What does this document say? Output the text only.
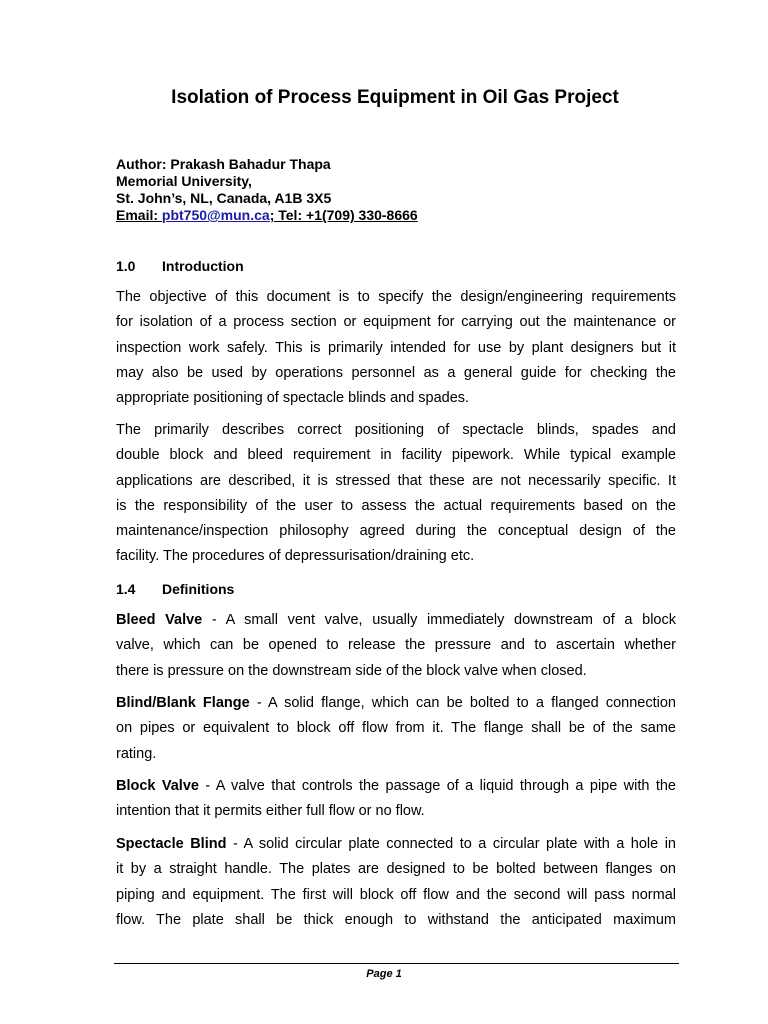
Isolation of Process Equipment in Oil Gas Project
Author: Prakash Bahadur Thapa
Memorial University,
St. John’s, NL, Canada, A1B 3X5
Email: pbt750@mun.ca; Tel: +1(709) 330-8666
1.0 Introduction
The objective of this document is to specify the design/engineering requirements
for isolation of a process section or equipment for carrying out the maintenance or
inspection work safely. This is primarily intended for use by plant designers but it
may also be used by operations personnel as a general guide for checking the
appropriate positioning of spectacle blinds and spades.
The primarily describes correct positioning of spectacle blinds, spades and
double block and bleed requirement in facility pipework. While typical example
applications are described, it is stressed that these are not necessarily specific. It
is the responsibility of the user to assess the actual requirements based on the
maintenance/inspection philosophy agreed during the conceptual design of the
facility. The procedures of depressurisation/draining etc.
1.4 Definitions
Bleed Valve - A small vent valve, usually immediately downstream of a block
valve, which can be opened to release the pressure and to ascertain whether
there is pressure on the downstream side of the block valve when closed.
Blind/Blank Flange - A solid flange, which can be bolted to a flanged connection
on pipes or equivalent to block off flow from it. The flange shall be of the same
rating.
Block Valve - A valve that controls the passage of a liquid through a pipe with the
intention that it permits either full flow or no flow.
Spectacle Blind - A solid circular plate connected to a circular plate with a hole in
it by a straight handle. The plates are designed to be bolted between flanges on
piping and equipment. The first will block off flow and the second will pass normal
flow. The plate shall be thick enough to withstand the anticipated maximum
Page 1
